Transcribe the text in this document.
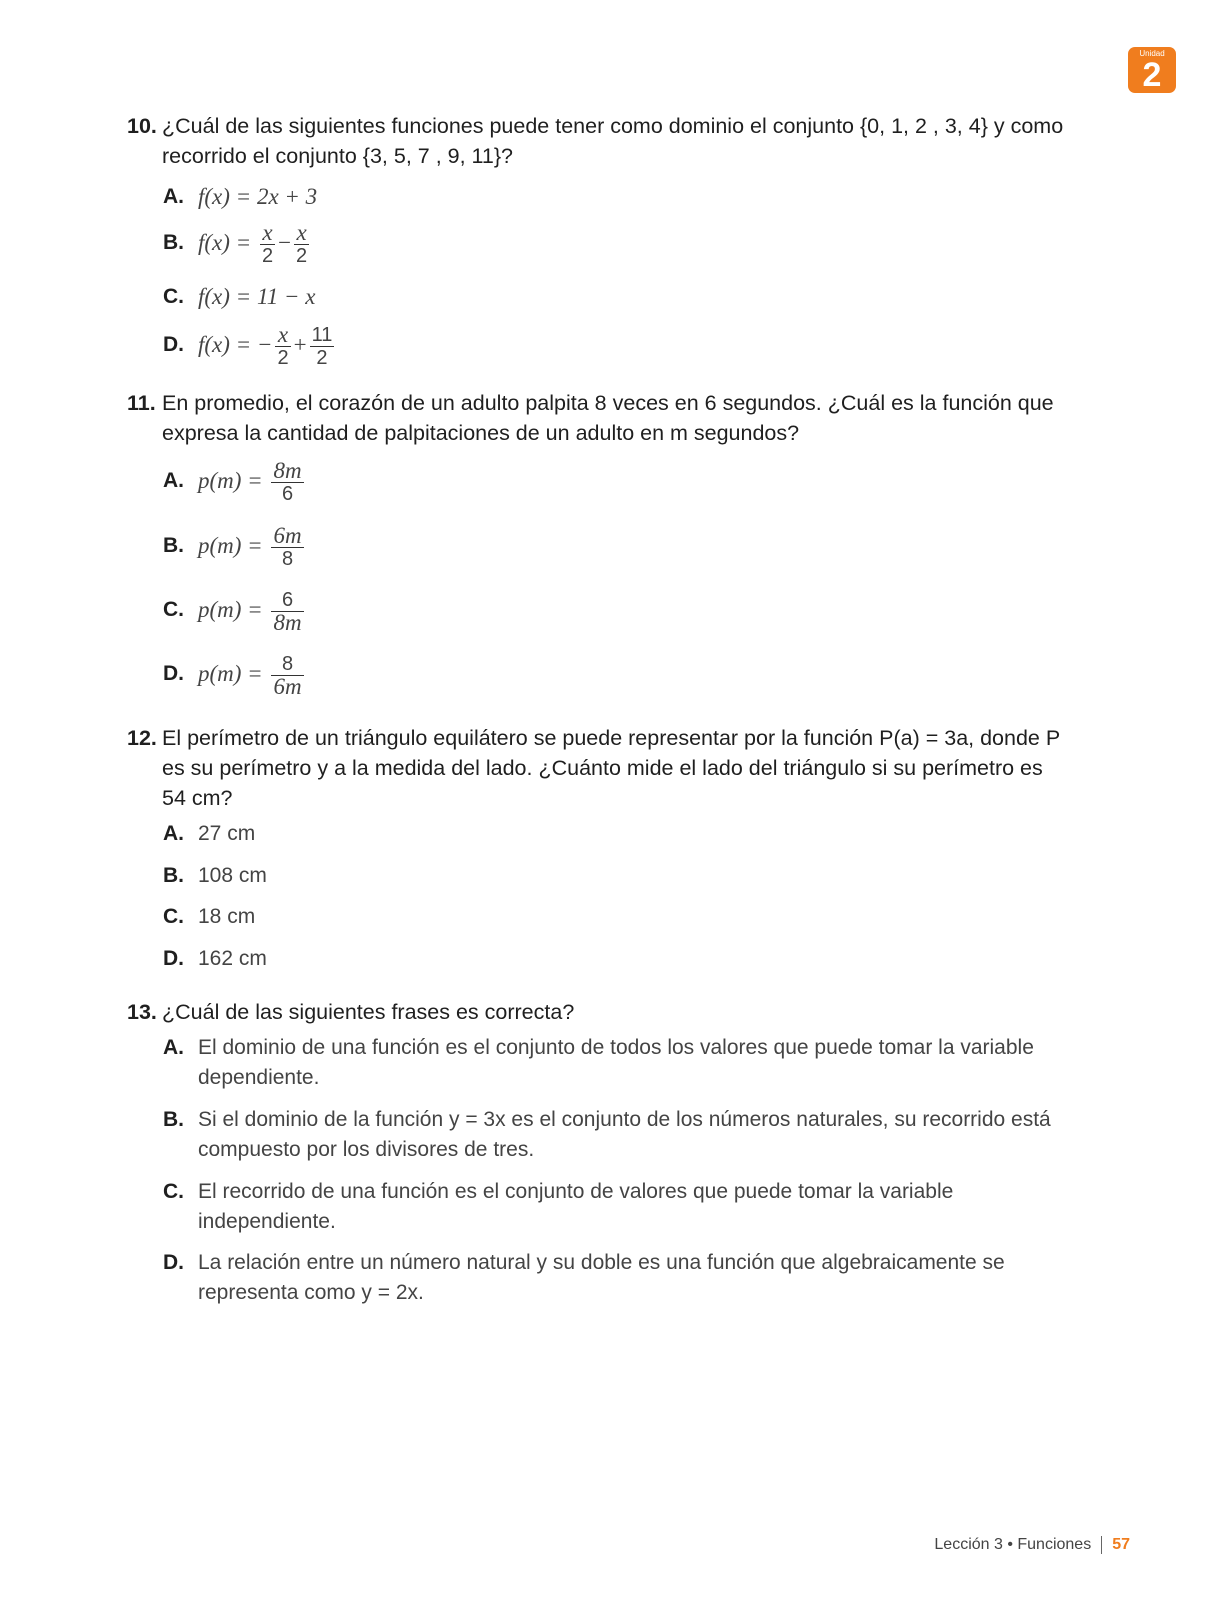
Unidad
2
10. ¿Cuál de las siguientes funciones puede tener como dominio el conjunto {0, 1, 2 , 3, 4} y como recorrido el conjunto {3, 5, 7 , 9, 11}?
A. f(x) = 2x + 3
B. $f(x) = \frac{x}{2} - \frac{x}{2}$
C. f(x) = 11 − x
D. f(x) = − $\frac{x}{2} + \frac{11}{2}$
11. En promedio, el corazón de un adulto palpita 8 veces en 6 segundos. ¿Cuál es la función que expresa la cantidad de palpitaciones de un adulto en m segundos?
A. $p(m) = \frac{8m}{6}$
B. $p(m) = \frac{6m}{8}$
C. $p(m) = \frac{6}{8m}$
D. $p(m) = \frac{8}{6m}$
12. El perímetro de un triángulo equilátero se puede representar por la función P(a) = 3a, donde P es su perímetro y a la medida del lado. ¿Cuánto mide el lado del triángulo si su perímetro es 54 cm?
A. 27 cm
B. 108 cm
C. 18 cm
D. 162 cm
13. ¿Cuál de las siguientes frases es correcta?
A. El dominio de una función es el conjunto de todos los valores que puede tomar la variable dependiente.
B. Si el dominio de la función y = 3x es el conjunto de los números naturales, su recorrido está compuesto por los divisores de tres.
C. El recorrido de una función es el conjunto de valores que puede tomar la variable independiente.
D. La relación entre un número natural y su doble es una función que algebraicamente se representa como y = 2x.
Lección 3 • Funciones 57
